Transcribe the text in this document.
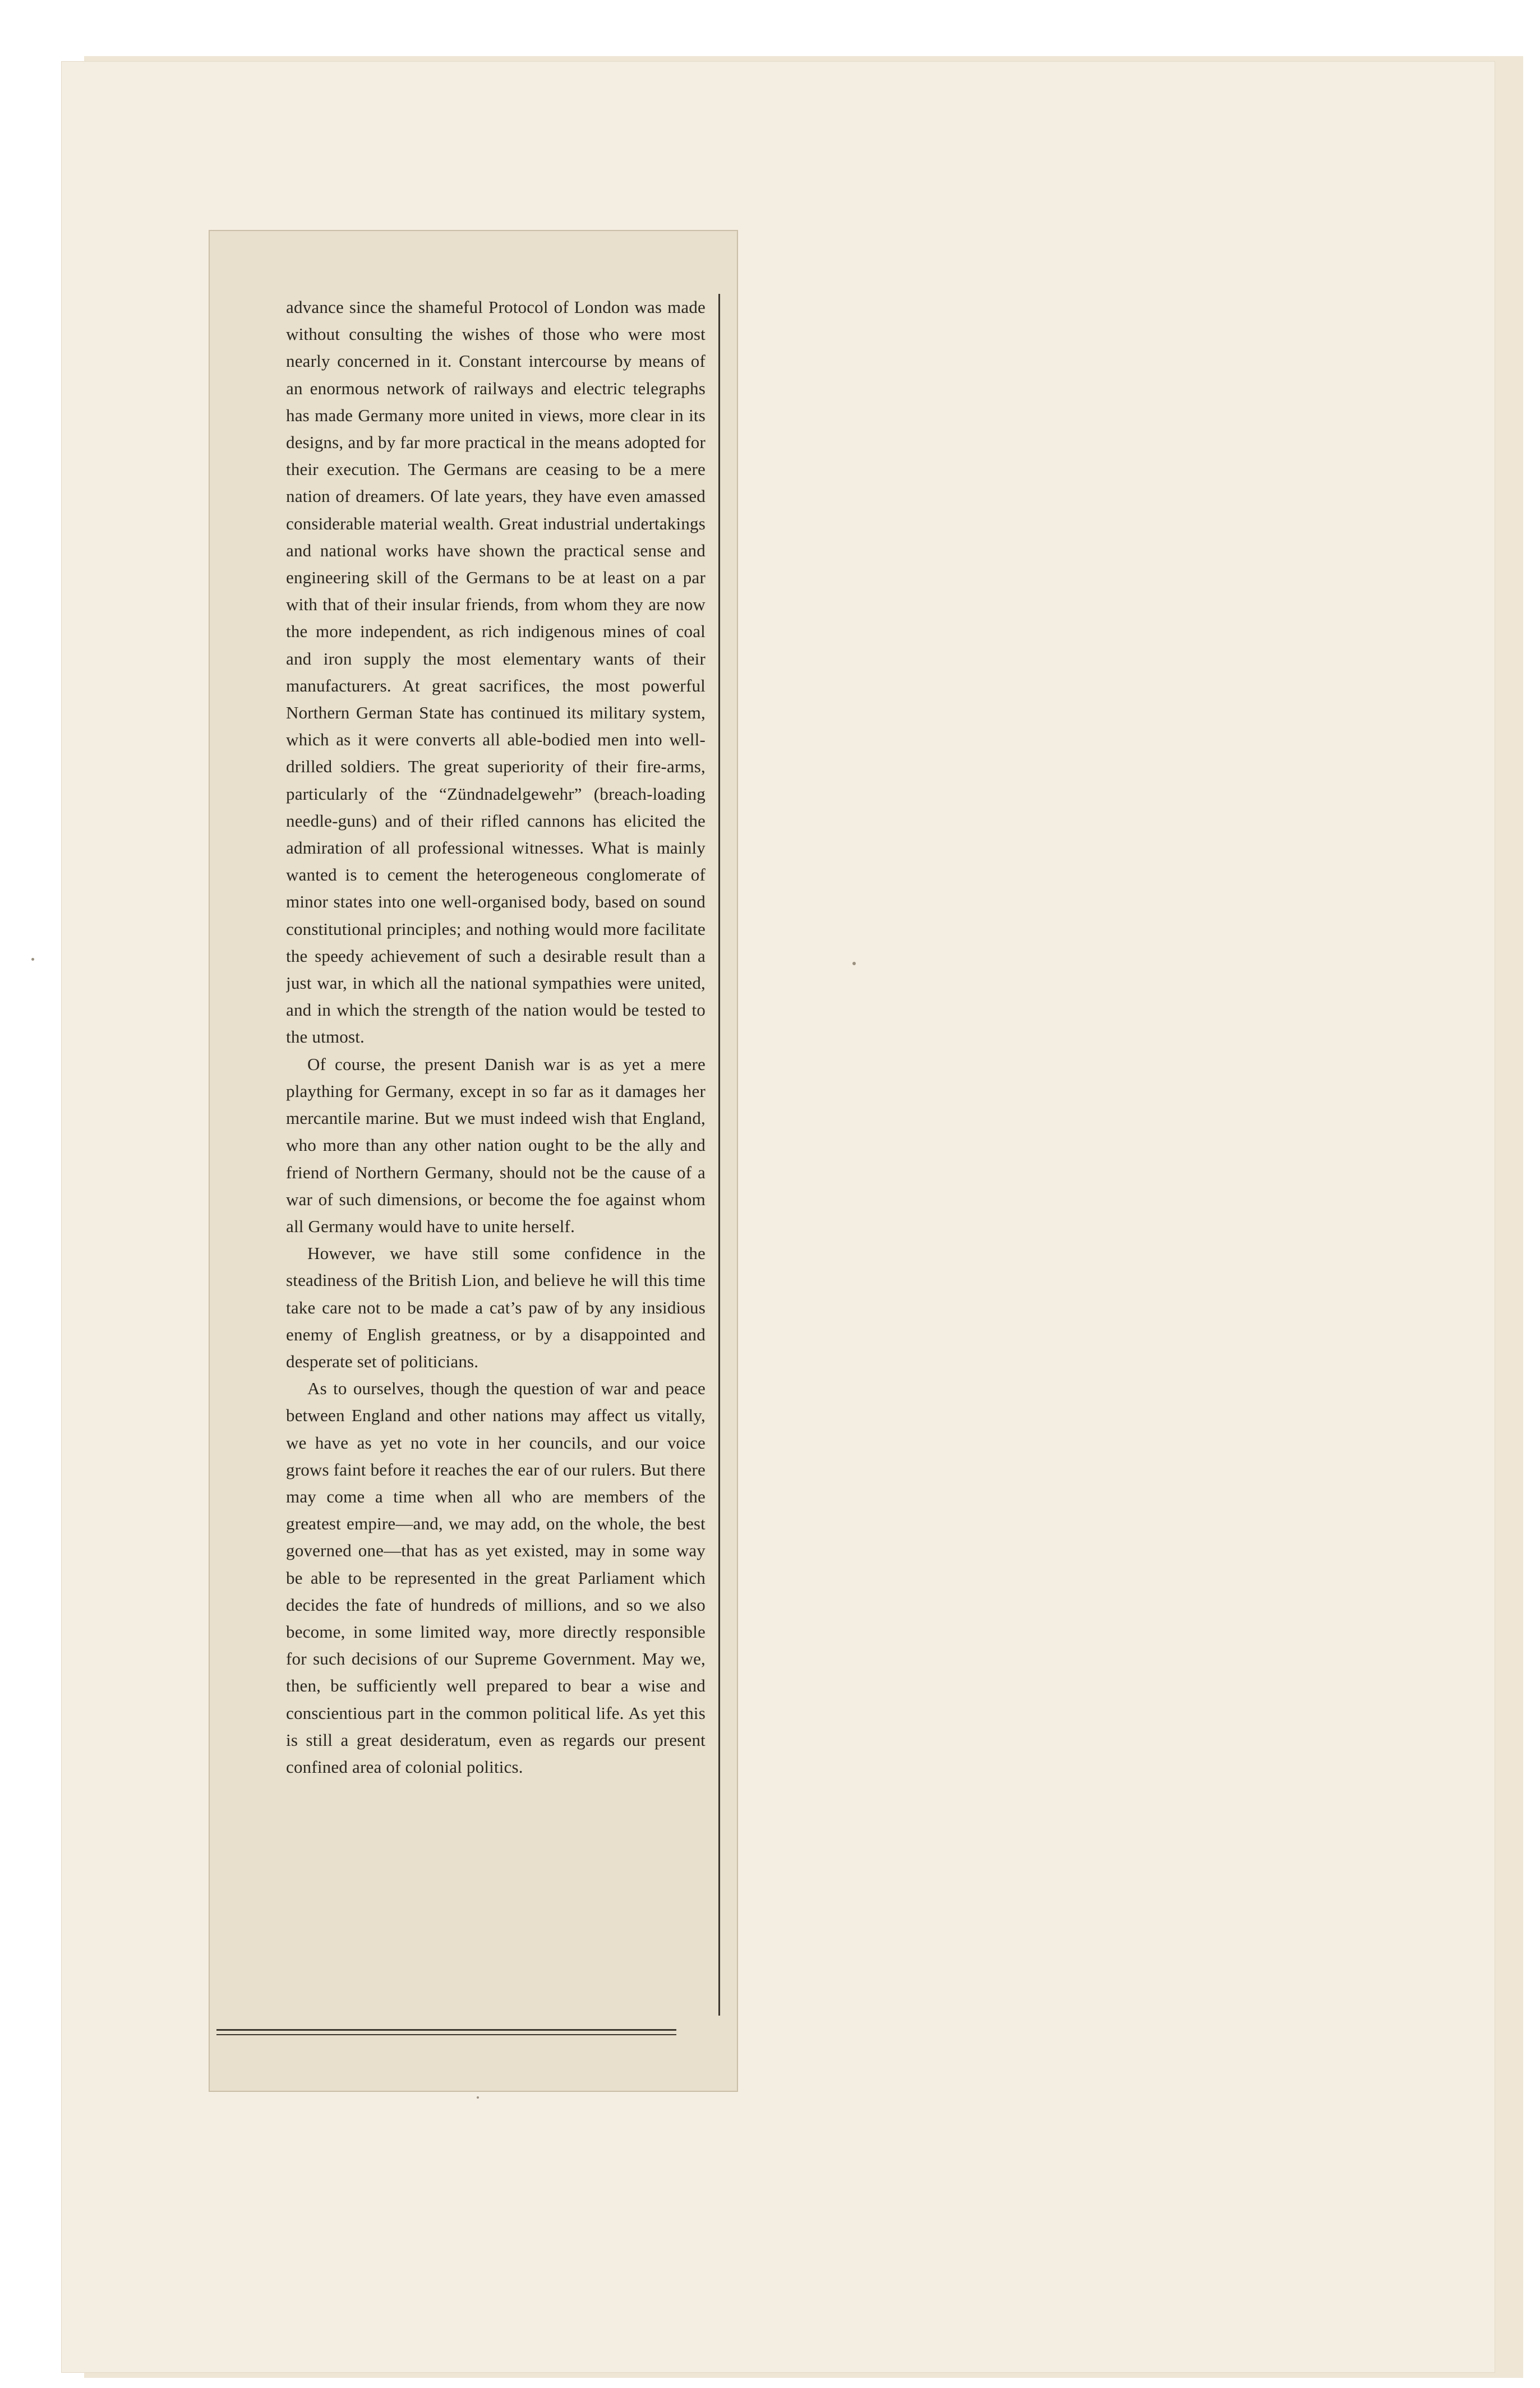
advance since the shameful Protocol of London was made without consulting the wishes of those who were most nearly concerned in it. Constant intercourse by means of an enormous network of railways and electric telegraphs has made Germany more united in views, more clear in its designs, and by far more practical in the means adopted for their execution. The Germans are ceasing to be a mere nation of dreamers. Of late years, they have even amassed considerable material wealth. Great industrial undertakings and national works have shown the practical sense and engineering skill of the Germans to be at least on a par with that of their insular friends, from whom they are now the more independent, as rich indigenous mines of coal and iron supply the most elementary wants of their manufacturers. At great sacrifices, the most powerful Northern German State has continued its military system, which as it were converts all able-bodied men into well-drilled soldiers. The great superiority of their fire-arms, particularly of the “Zündnadelgewehr” (breach-loading needle-guns) and of their rifled cannons has elicited the admiration of all professional witnesses. What is mainly wanted is to cement the heterogeneous conglomerate of minor states into one well-organised body, based on sound constitutional principles; and nothing would more facilitate the speedy achievement of such a desirable result than a just war, in which all the national sympathies were united, and in which the strength of the nation would be tested to the utmost.

Of course, the present Danish war is as yet a mere plaything for Germany, except in so far as it damages her mercantile marine. But we must indeed wish that England, who more than any other nation ought to be the ally and friend of Northern Germany, should not be the cause of a war of such dimensions, or become the foe against whom all Germany would have to unite herself.

However, we have still some confidence in the steadiness of the British Lion, and believe he will this time take care not to be made a cat’s paw of by any insidious enemy of English greatness, or by a disappointed and desperate set of politicians.

As to ourselves, though the question of war and peace between England and other nations may affect us vitally, we have as yet no vote in her councils, and our voice grows faint before it reaches the ear of our rulers. But there may come a time when all who are members of the greatest empire—and, we may add, on the whole, the best governed one—that has as yet existed, may in some way be able to be represented in the great Parliament which decides the fate of hundreds of millions, and so we also become, in some limited way, more directly responsible for such decisions of our Supreme Government. May we, then, be sufficiently well prepared to bear a wise and conscientious part in the common political life. As yet this is still a great desideratum, even as regards our present confined area of colonial politics.
